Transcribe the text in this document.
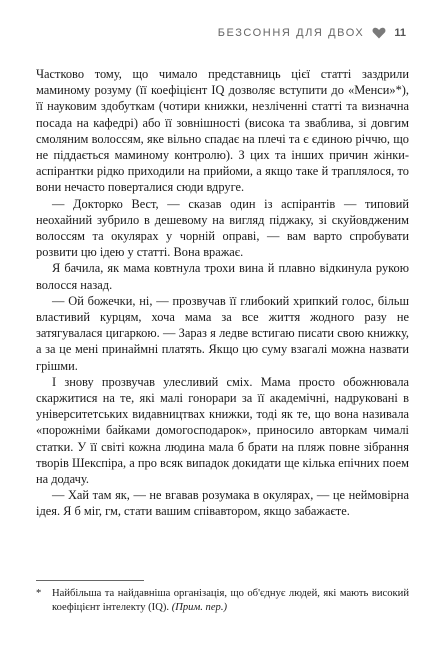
БЕЗСОННЯ ДЛЯ ДВОХ	11

Частково тому, що чимало представниць цієї статті заздрили маминому розуму (її коефіцієнт IQ дозволяє вступити до «Менси»*), її науковим здобуткам (чотири книжки, незліченні статті та визначна посада на кафедрі) або її зовнішності (висока та зваблива, зі довгим смоляним волоссям, яке вільно спадає на плечі та є єдиною річчю, що не піддається маминому контролю). З цих та інших причин жінки-аспірантки рідко приходили на прийоми, а якщо таке й траплялося, то вони нечасто поверталися сюди вдруге.

— Докторко Вест, — сказав один із аспірантів — типовий неохайний зубрило в дешевому на вигляд піджаку, зі скуйовдженим волоссям та окулярах у чорній оправі, — вам варто спробувати розвити цю ідею у статті. Вона вражає.

Я бачила, як мама ковтнула трохи вина й плавно відкинула рукою волосся назад.

— Ой божечки, ні, — прозвучав її глибокий хрипкий голос, більш властивий курцям, хоча мама за все життя жодного разу не затягувалася цигаркою. — Зараз я ледве встигаю писати свою книжку, а за це мені принаймні платять. Якщо цю суму взагалі можна назвати грішми.

І знову прозвучав улесливий сміх. Мама просто обожнювала скаржитися на те, які малі гонорари за її академічні, надруковані в університетських видавництвах книжки, тоді як те, що вона називала «порожніми байками домогосподарок», приносило авторкам чималі статки. У її світі кожна людина мала б брати на пляж повне зібрання творів Шекспіра, а про всяк випадок докидати ще кілька епічних поем на додачу.

— Хай там як, — не вгавав розумака в окулярах, — це неймовірна ідея. Я б міг, гм, стати вашим співавтором, якщо забажаєте.

*	Найбільша та найдавніша організація, що об'єднує людей, які мають високий коефіцієнт інтелекту (IQ). (Прим. пер.)
